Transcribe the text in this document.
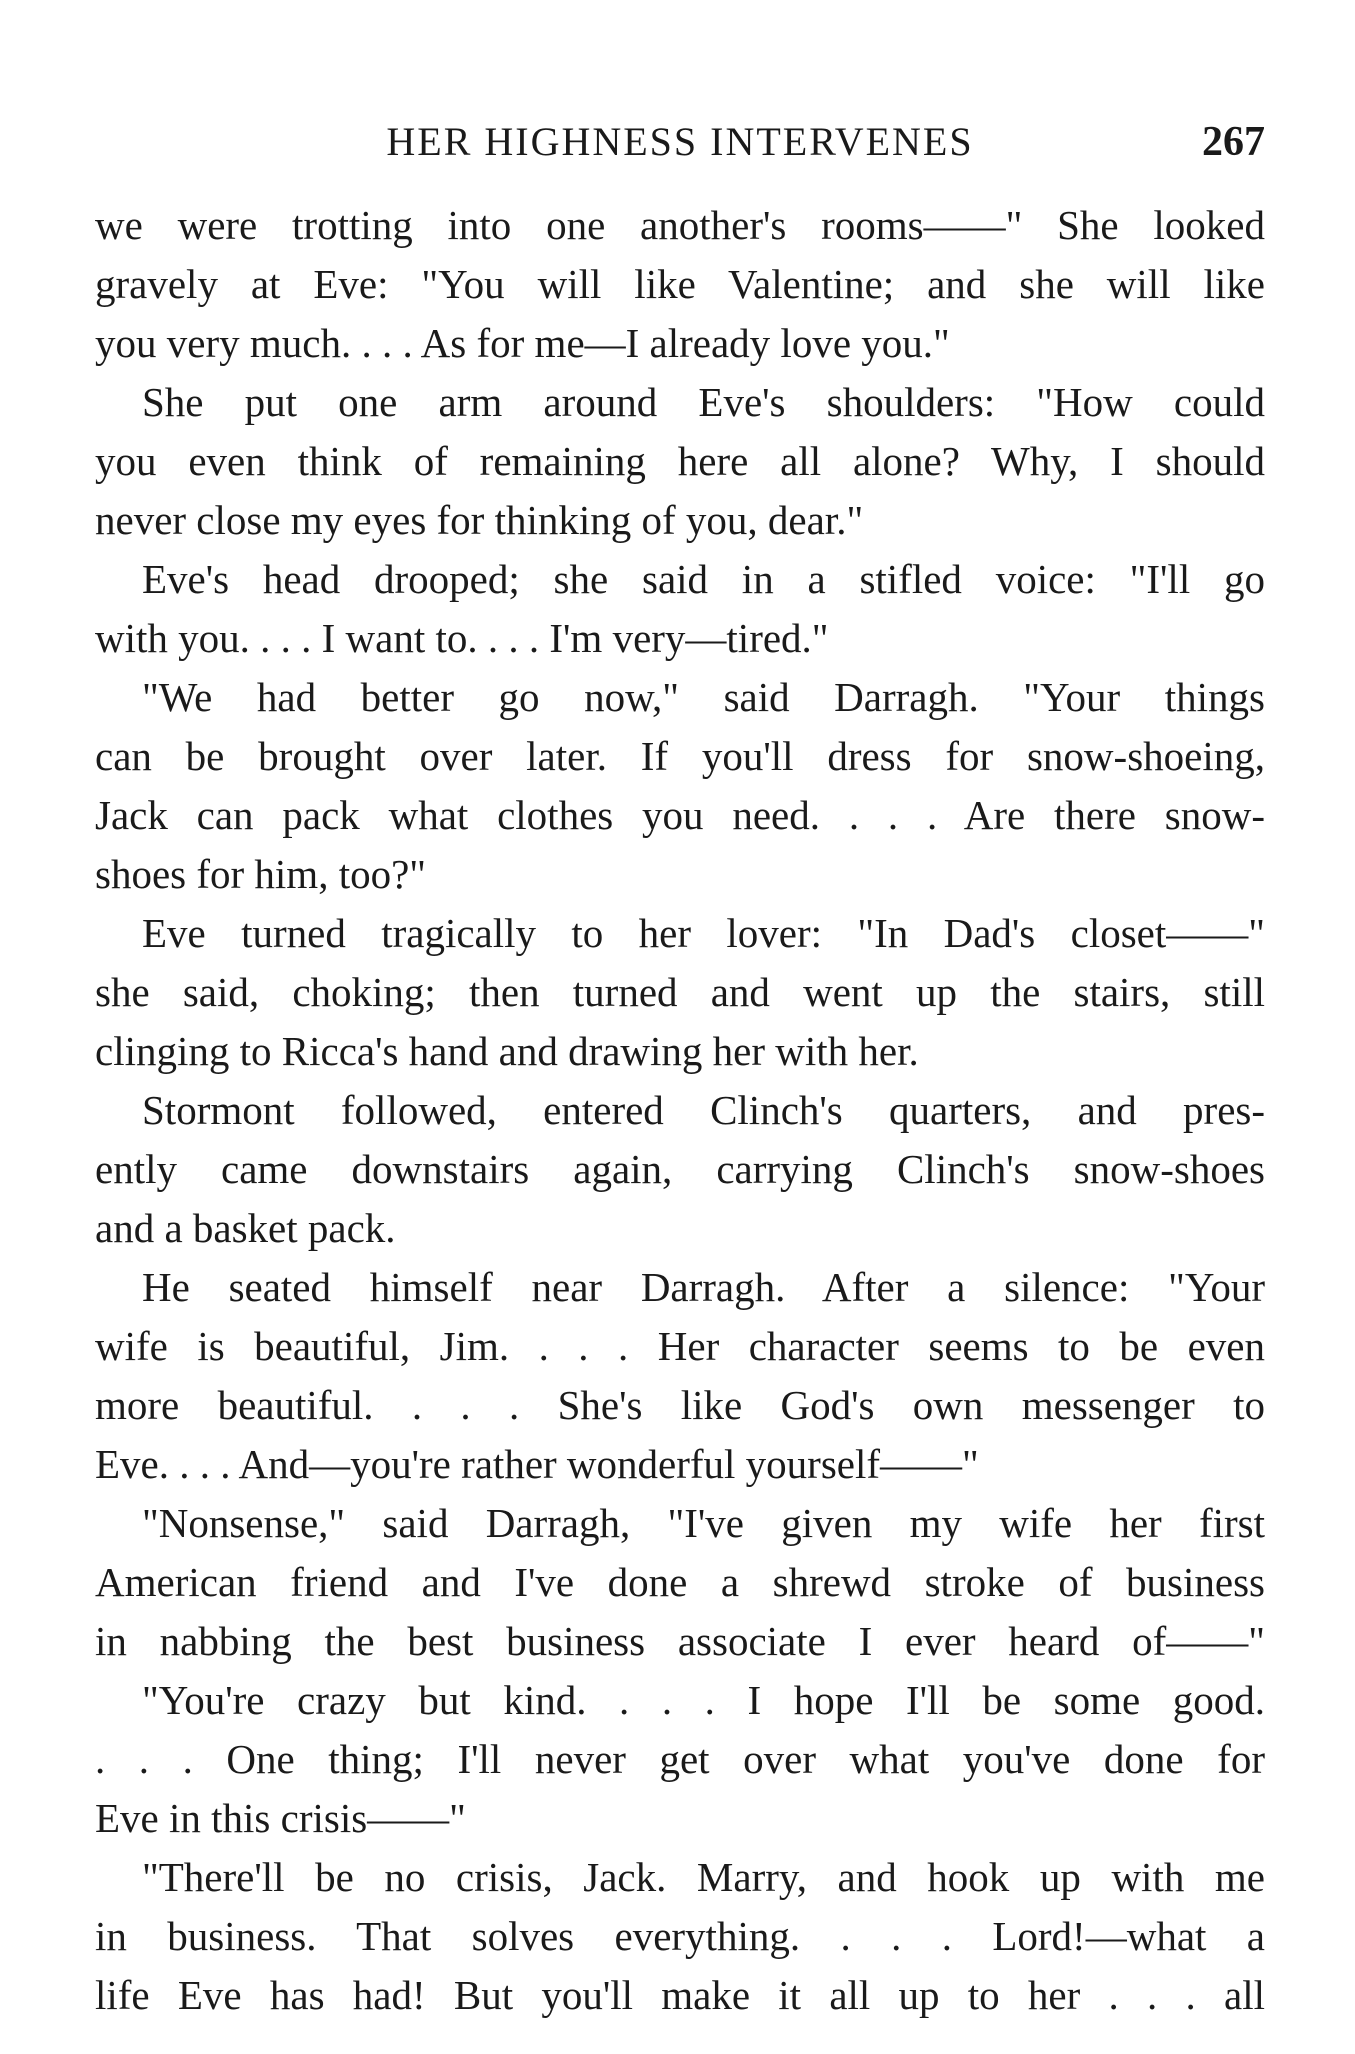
HER HIGHNESS INTERVENES	267
we were trotting into one another's rooms——" She looked
gravely at Eve: "You will like Valentine; and she will like
you very much. . . . As for me—I already love you."
She put one arm around Eve's shoulders: "How could
you even think of remaining here all alone? Why, I should
never close my eyes for thinking of you, dear."
Eve's head drooped; she said in a stifled voice: "I'll go
with you. . . . I want to. . . . I'm very—tired."
"We had better go now," said Darragh. "Your things
can be brought over later. If you'll dress for snow-shoeing,
Jack can pack what clothes you need. . . . Are there snow-
shoes for him, too?"
Eve turned tragically to her lover: "In Dad's closet——"
she said, choking; then turned and went up the stairs, still
clinging to Ricca's hand and drawing her with her.
Stormont followed, entered Clinch's quarters, and pres-
ently came downstairs again, carrying Clinch's snow-shoes
and a basket pack.
He seated himself near Darragh. After a silence: "Your
wife is beautiful, Jim. . . . Her character seems to be even
more beautiful. . . . She's like God's own messenger to
Eve. . . . And—you're rather wonderful yourself——"
"Nonsense," said Darragh, "I've given my wife her first
American friend and I've done a shrewd stroke of business
in nabbing the best business associate I ever heard of——"
"You're crazy but kind. . . . I hope I'll be some good.
. . . One thing; I'll never get over what you've done for
Eve in this crisis——"
"There'll be no crisis, Jack. Marry, and hook up with me
in business. That solves everything. . . . Lord!—what a
life Eve has had! But you'll make it all up to her . . . all
